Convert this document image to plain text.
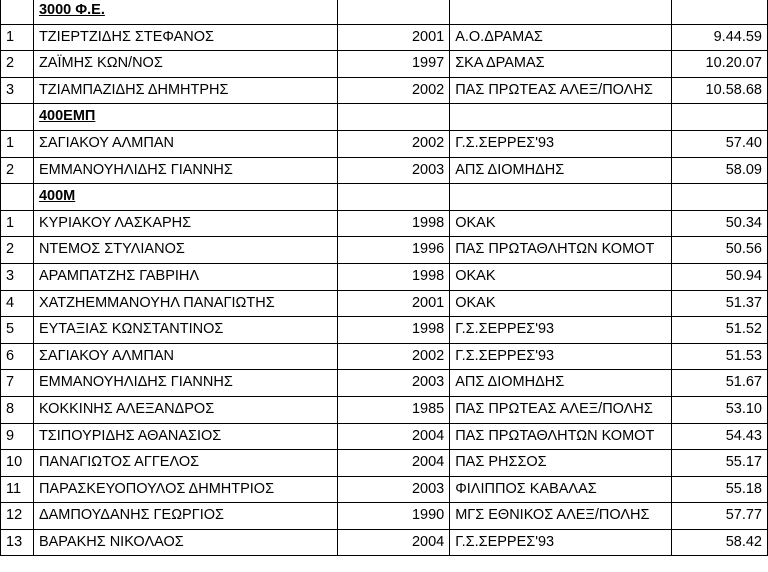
	3000 Φ.Ε.			
1	ΤΖΙΕΡΤΖΙΔΗΣ ΣΤΕΦΑΝΟΣ	2001	Α.Ο.ΔΡΑΜΑΣ	9.44.59
2	ΖΑΪΜΗΣ ΚΩΝ/ΝΟΣ	1997	ΣΚΑ ΔΡΑΜΑΣ	10.20.07
3	ΤΖΙΑΜΠΑΖΙΔΗΣ ΔΗΜΗΤΡΗΣ	2002	ΠΑΣ ΠΡΩΤΕΑΣ ΑΛΕΞ/ΠΟΛΗΣ	10.58.68
	400ΕΜΠ			
1	ΣΑΓΙΑΚΟΥ ΑΛΜΠΑΝ	2002	Γ.Σ.ΣΕΡΡΕΣ'93	57.40
2	ΕΜΜΑΝΟΥΗΛΙΔΗΣ ΓΙΑΝΝΗΣ	2003	ΑΠΣ ΔΙΟΜΗΔΗΣ	58.09
	400Μ			
1	ΚΥΡΙΑΚΟΥ ΛΑΣΚΑΡΗΣ	1998	ΟΚΑΚ	50.34
2	ΝΤΕΜΟΣ ΣΤΥΛΙΑΝΟΣ	1996	ΠΑΣ ΠΡΩΤΑΘΛΗΤΩΝ ΚΟΜΟΤ	50.56
3	ΑΡΑΜΠΑΤΖΗΣ ΓΑΒΡΙΗΛ	1998	ΟΚΑΚ	50.94
4	ΧΑΤΖΗΕΜΜΑΝΟΥΗΛ ΠΑΝΑΓΙΩΤΗΣ	2001	ΟΚΑΚ	51.37
5	ΕΥΤΑΞΙΑΣ ΚΩΝΣΤΑΝΤΙΝΟΣ	1998	Γ.Σ.ΣΕΡΡΕΣ'93	51.52
6	ΣΑΓΙΑΚΟΥ ΑΛΜΠΑΝ	2002	Γ.Σ.ΣΕΡΡΕΣ'93	51.53
7	ΕΜΜΑΝΟΥΗΛΙΔΗΣ ΓΙΑΝΝΗΣ	2003	ΑΠΣ ΔΙΟΜΗΔΗΣ	51.67
8	ΚΟΚΚΙΝΗΣ ΑΛΕΞΑΝΔΡΟΣ	1985	ΠΑΣ ΠΡΩΤΕΑΣ ΑΛΕΞ/ΠΟΛΗΣ	53.10
9	ΤΣΙΠΟΥΡΙΔΗΣ ΑΘΑΝΑΣΙΟΣ	2004	ΠΑΣ ΠΡΩΤΑΘΛΗΤΩΝ ΚΟΜΟΤ	54.43
10	ΠΑΝΑΓΙΩΤΟΣ ΑΓΓΕΛΟΣ	2004	ΠΑΣ ΡΗΣΣΟΣ	55.17
11	ΠΑΡΑΣΚΕΥΟΠΟΥΛΟΣ ΔΗΜΗΤΡΙΟΣ	2003	ΦΙΛΙΠΠΟΣ ΚΑΒΑΛΑΣ	55.18
12	ΔΑΜΠΟΥΔΑΝΗΣ ΓΕΩΡΓΙΟΣ	1990	ΜΓΣ ΕΘΝΙΚΟΣ ΑΛΕΞ/ΠΟΛΗΣ	57.77
13	ΒΑΡΑΚΗΣ ΝΙΚΟΛΑΟΣ	2004	Γ.Σ.ΣΕΡΡΕΣ'93	58.42
